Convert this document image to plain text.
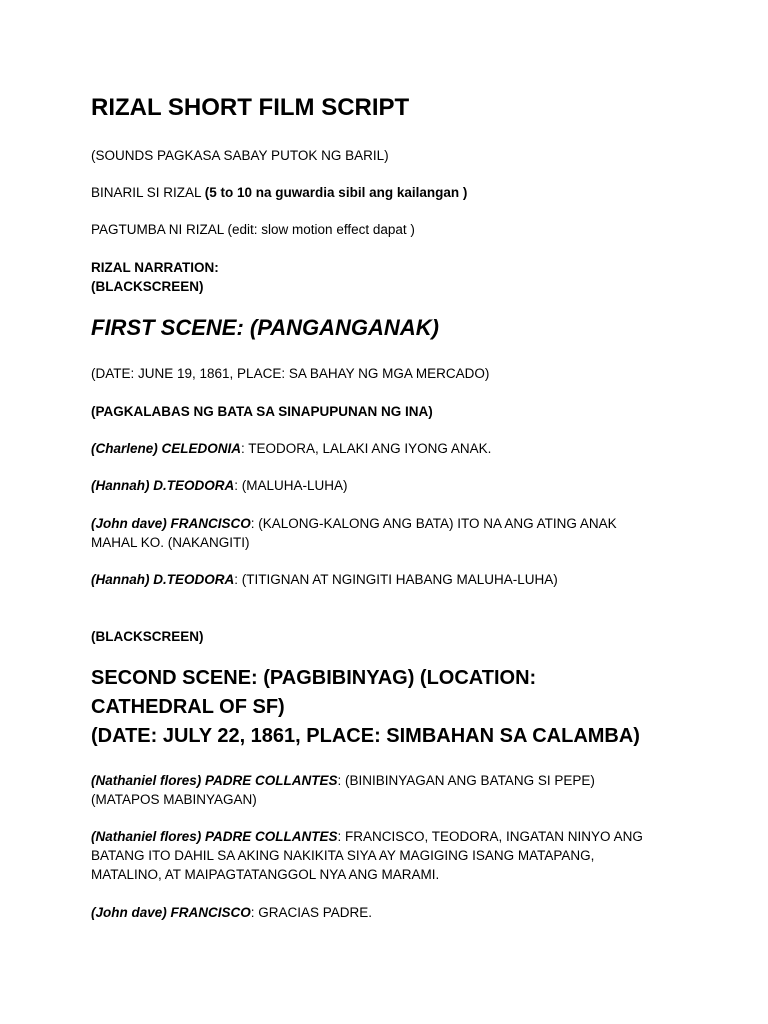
RIZAL SHORT FILM SCRIPT
(SOUNDS PAGKASA SABAY PUTOK NG BARIL)
BINARIL SI RIZAL (5 to 10 na guwardia sibil ang kailangan )
PAGTUMBA NI RIZAL (edit: slow motion effect dapat )
RIZAL NARRATION:
(BLACKSCREEN)
FIRST SCENE: (PANGANGANAK)
(DATE: JUNE 19, 1861, PLACE: SA BAHAY NG MGA MERCADO)
(PAGKALABAS NG BATA SA SINAPUPUNAN NG INA)
(Charlene) CELEDONIA: TEODORA, LALAKI ANG IYONG ANAK.
(Hannah) D.TEODORA: (MALUHA-LUHA)
(John dave) FRANCISCO: (KALONG-KALONG ANG BATA) ITO NA ANG ATING ANAK
MAHAL KO. (NAKANGITI)
(Hannah) D.TEODORA: (TITIGNAN AT NGINGITI HABANG MALUHA-LUHA)
(BLACKSCREEN)
SECOND SCENE: (PAGBIBINYAG) (LOCATION:
CATHEDRAL OF SF)
(DATE: JULY 22, 1861, PLACE: SIMBAHAN SA CALAMBA)
(Nathaniel flores) PADRE COLLANTES: (BINIBINYAGAN ANG BATANG SI PEPE)
(MATAPOS MABINYAGAN)
(Nathaniel flores) PADRE COLLANTES: FRANCISCO, TEODORA, INGATAN NINYO ANG
BATANG ITO DAHIL SA AKING NAKIKITA SIYA AY MAGIGING ISANG MATAPANG,
MATALINO, AT MAIPAGTATANGGOL NYA ANG MARAMI.
(John dave) FRANCISCO: GRACIAS PADRE.
